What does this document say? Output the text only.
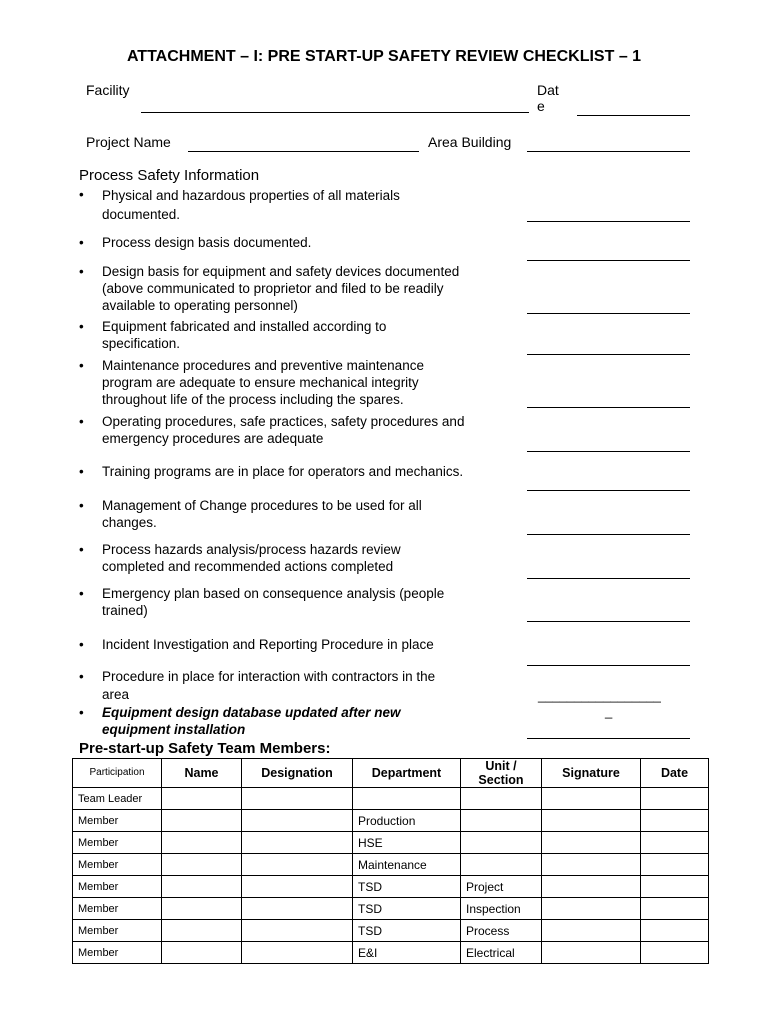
ATTACHMENT – I: PRE START-UP SAFETY REVIEW CHECKLIST – 1
Facility	Dat
e
Project Name	Area Building
Process Safety Information
•	Physical and hazardous properties of all materials
documented.
•	Process design basis documented.
•	Design basis for equipment and safety devices documented
(above communicated to proprietor and filed to be readily
available to operating personnel)
•	Equipment fabricated and installed according to
specification.
•	Maintenance procedures and preventive maintenance
program are adequate to ensure mechanical integrity
throughout life of the process including the spares.
•	Operating procedures, safe practices, safety procedures and
emergency procedures are adequate
•	Training programs are in place for operators and mechanics.
•	Management of Change procedures to be used for all
changes.
•	Process hazards analysis/process hazards review
completed and recommended actions completed
•	Emergency plan based on consequence analysis (people
trained)
•	Incident Investigation and Reporting Procedure in place
•	Procedure in place for interaction with contractors in the
area	_________________
_
•	Equipment design database updated after new
equipment installation
Pre-start-up Safety Team Members:
Participation	Name	Designation	Department	Unit /
Section	Signature	Date
Team Leader						
Member			Production			
Member			HSE			
Member			Maintenance			
Member			TSD	Project		
Member			TSD	Inspection		
Member			TSD	Process		
Member			E&I	Electrical		
